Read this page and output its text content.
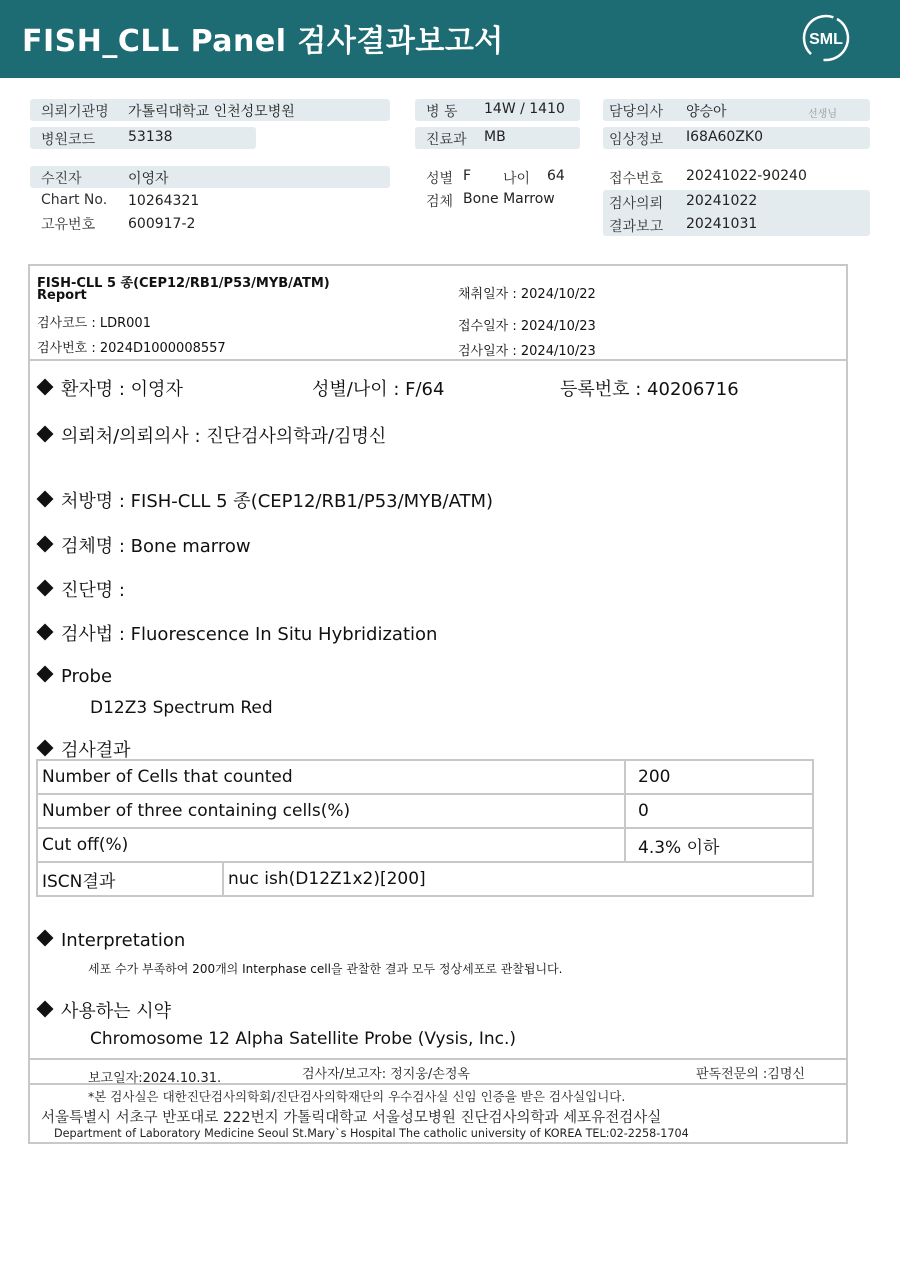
FISH_CLL Panel 검사결과보고서	SML
의뢰기관명 가톨릭대학교 인천성모병원
병원코드 53138
병 동 14W / 1410
진료과 MB
담당의사 양승아	선생님
임상정보 I68A60ZK0
수진자	이영자
Chart No. 10264321
고유번호 600917-2
성별 F 나이 64
검체 Bone Marrow
접수번호 20241022-90240
검사의뢰 20241022
결과보고 20241031
FISH-CLL 5 종(CEP12/RB1/P53/MYB/ATM)
Report
검사코드 : LDR001
검사번호 : 2024D1000008557
채취일자 : 2024/10/22
접수일자 : 2024/10/23
검사일자 : 2024/10/23
환자명 : 이영자	성별/나이 : F/64	등록번호 : 40206716
의뢰처/의뢰의사 : 진단검사의학과/김명신
처방명 : FISH-CLL 5 종(CEP12/RB1/P53/MYB/ATM)
검체명 : Bone marrow
진단명 :
검사법 : Fluorescence In Situ Hybridization
Probe
D12Z3 Spectrum Red
검사결과
Number of Cells that counted		200
Number of three containing cells(%)		0
Cut off(%)		4.3% 이하
ISCN결과	nuc ish(D12Z1x2)[200]	
Interpretation
세포 수가 부족하여 200개의 Interphase cell을 관찰한 결과 모두 정상세포로 관찰됩니다.
사용하는 시약
Chromosome 12 Alpha Satellite Probe (Vysis, Inc.)
보고일자:2024.10.31.	검사자/보고자: 정지웅/손정옥	판독전문의 :김명신
*본 검사실은 대한진단검사의학회/진단검사의학재단의 우수검사실 신임 인증을 받은 검사실입니다.
서울특별시 서초구 반포대로 222번지 가톨릭대학교 서울성모병원 진단검사의학과 세포유전검사실
Department of Laboratory Medicine Seoul St.Mary`s Hospital The catholic university of KOREA TEL:02-2258-1704
